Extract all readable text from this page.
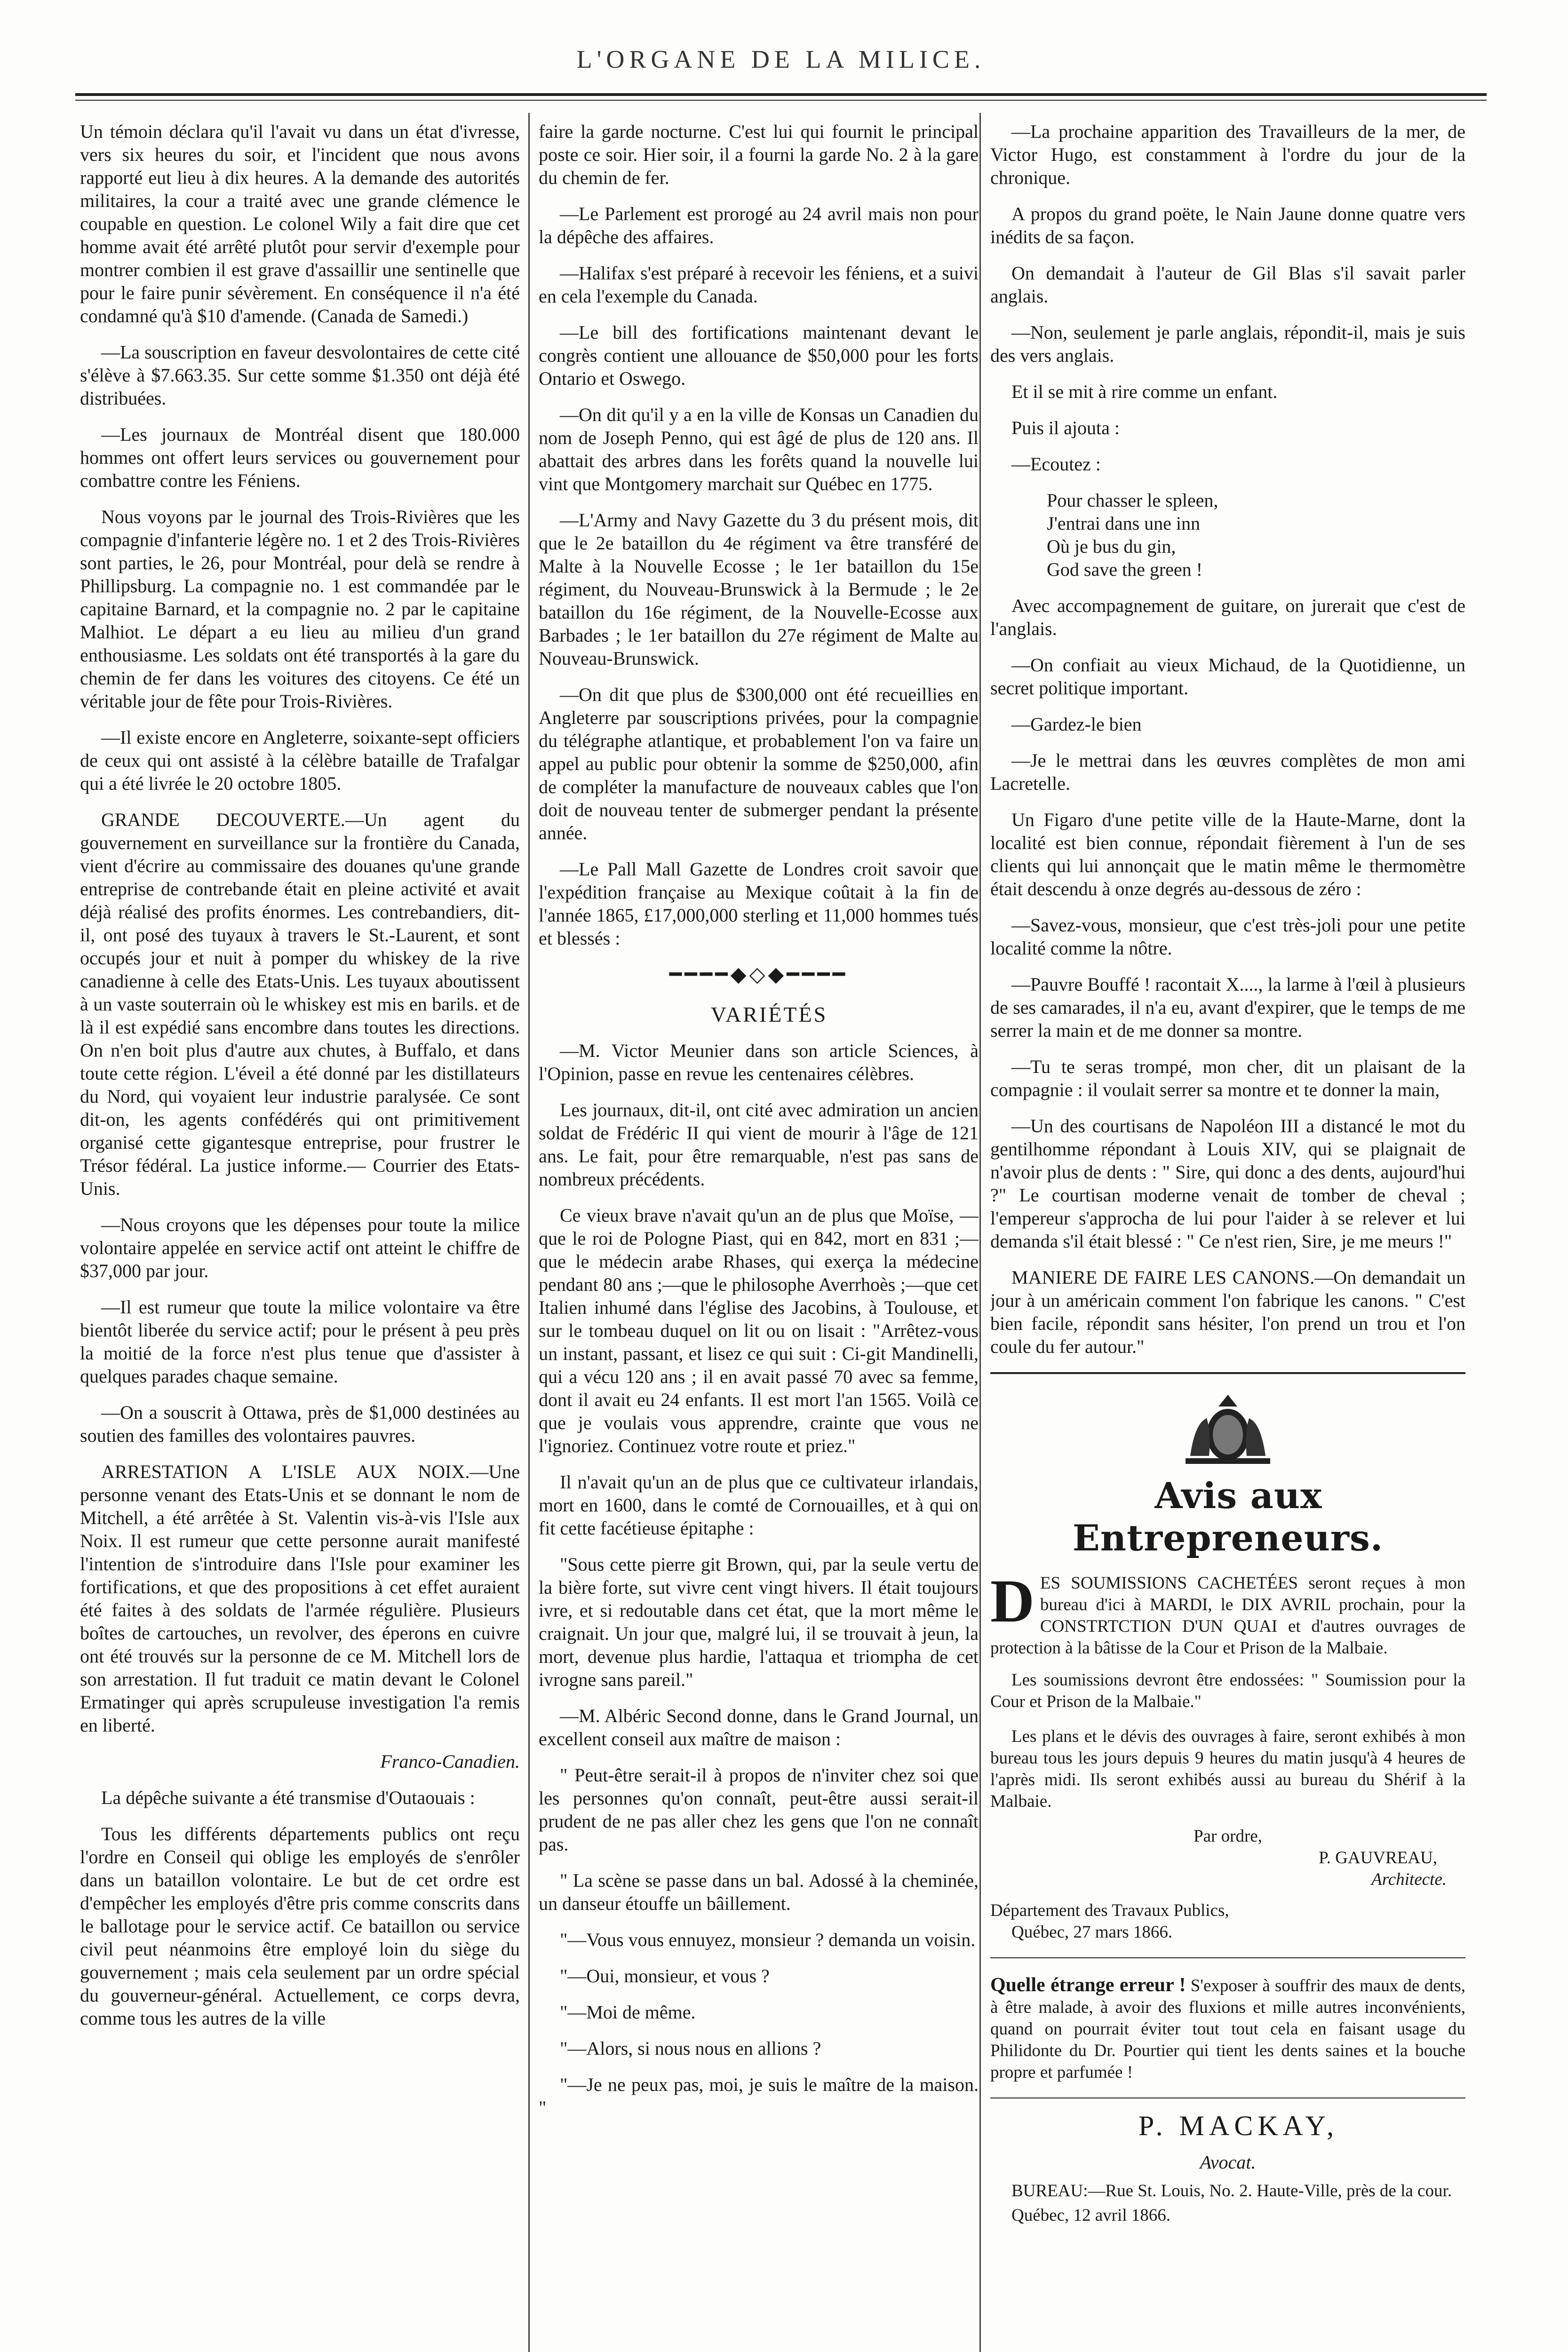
L'ORGANE DE LA MILICE.

Un témoin déclara qu'il l'avait vu dans un état d'ivresse, vers six heures du soir, et l'incident que nous avons rapporté eut lieu à dix heures. A la demande des autorités militaires, la cour a traité avec une grande clémence le coupable en question. Le colonel Wily a fait dire que cet homme avait été arrêté plutôt pour servir d'exemple pour montrer combien il est grave d'assaillir une sentinelle que pour le faire punir sévèrement. En conséquence il n'a été condamné qu'à $10 d'amende. (Canada de Samedi.)

—La souscription en faveur desvolontaires de cette cité s'élève à $7.663.35. Sur cette somme $1.350 ont déjà été distribuées.

—Les journaux de Montréal disent que 180.000 hommes ont offert leurs services ou gouvernement pour combattre contre les Féniens.

Nous voyons par le journal des Trois-Rivières que les compagnie d'infanterie légère no. 1 et 2 des Trois-Rivières sont parties, le 26, pour Montréal, pour delà se rendre à Phillipsburg. La compagnie no. 1 est commandée par le capitaine Barnard, et la compagnie no. 2 par le capitaine Malhiot. Le départ a eu lieu au milieu d'un grand enthousiasme. Les soldats ont été transportés à la gare du chemin de fer dans les voitures des citoyens. Ce été un véritable jour de fête pour Trois-Rivières.

—Il existe encore en Angleterre, soixante-sept officiers de ceux qui ont assisté à la célèbre bataille de Trafalgar qui a été livrée le 20 octobre 1805.

GRANDE DECOUVERTE.—Un agent du gouvernement en surveillance sur la frontière du Canada, vient d'écrire au commissaire des douanes qu'une grande entreprise de contrebande était en pleine activité et avait déjà réalisé des profits énormes. Les contrebandiers, dit-il, ont posé des tuyaux à travers le St.-Laurent, et sont occupés jour et nuit à pomper du whiskey de la rive canadienne à celle des Etats-Unis. Les tuyaux aboutissent à un vaste souterrain où le whiskey est mis en barils. et de là il est expédié sans encombre dans toutes les directions. On n'en boit plus d'autre aux chutes, à Buffalo, et dans toute cette région. L'éveil a été donné par les distillateurs du Nord, qui voyaient leur industrie paralysée. Ce sont dit-on, les agents confédérés qui ont primitivement organisé cette gigantesque entreprise, pour frustrer le Trésor fédéral. La justice informe.— Courrier des Etats-Unis.

—Nous croyons que les dépenses pour toute la milice volontaire appelée en service actif ont atteint le chiffre de $37,000 par jour.

—Il est rumeur que toute la milice volontaire va être bientôt liberée du service actif; pour le présent à peu près la moitié de la force n'est plus tenue que d'assister à quelques parades chaque semaine.

—On a souscrit à Ottawa, près de $1,000 destinées au soutien des familles des volontaires pauvres.

ARRESTATION A L'ISLE AUX NOIX.—Une personne venant des Etats-Unis et se donnant le nom de Mitchell, a été arrêtée à St. Valentin vis-à-vis l'Isle aux Noix. Il est rumeur que cette personne aurait manifesté l'intention de s'introduire dans l'Isle pour examiner les fortifications, et que des propositions à cet effet auraient été faites à des soldats de l'armée régulière. Plusieurs boîtes de cartouches, un revolver, des éperons en cuivre ont été trouvés sur la personne de ce M. Mitchell lors de son arrestation. Il fut traduit ce matin devant le Colonel Ermatinger qui après scrupuleuse investigation l'a remis en liberté.

Franco-Canadien.

La dépêche suivante a été transmise d'Outaouais :

Tous les différents départements publics ont reçu l'ordre en Conseil qui oblige les employés de s'enrôler dans un bataillon volontaire. Le but de cet ordre est d'empêcher les employés d'être pris comme conscrits dans le ballotage pour le service actif. Ce bataillon ou service civil peut néanmoins être employé loin du siège du gouvernement ; mais cela seulement par un ordre spécial du gouverneur-général. Actuellement, ce corps devra, comme tous les autres de la ville

faire la garde nocturne. C'est lui qui fournit le principal poste ce soir. Hier soir, il a fourni la garde No. 2 à la gare du chemin de fer.

—Le Parlement est prorogé au 24 avril mais non pour la dépêche des affaires.

—Halifax s'est préparé à recevoir les féniens, et a suivi en cela l'exemple du Canada.

—Le bill des fortifications maintenant devant le congrès contient une allouance de $50,000 pour les forts Ontario et Oswego.

—On dit qu'il y a en la ville de Konsas un Canadien du nom de Joseph Penno, qui est âgé de plus de 120 ans. Il abattait des arbres dans les forêts quand la nouvelle lui vint que Montgomery marchait sur Québec en 1775.

—L'Army and Navy Gazette du 3 du présent mois, dit que le 2e bataillon du 4e régiment va être transféré de Malte à la Nouvelle Ecosse ; le 1er bataillon du 15e régiment, du Nouveau-Brunswick à la Bermude ; le 2e bataillon du 16e régiment, de la Nouvelle-Ecosse aux Barbades ; le 1er bataillon du 27e régiment de Malte au Nouveau-Brunswick.

—On dit que plus de $300,000 ont été recueillies en Angleterre par souscriptions privées, pour la compagnie du télégraphe atlantique, et probablement l'on va faire un appel au public pour obtenir la somme de $250,000, afin de compléter la manufacture de nouveaux cables que l'on doit de nouveau tenter de submerger pendant la présente année.

—Le Pall Mall Gazette de Londres croit savoir que l'expédition française au Mexique coûtait à la fin de l'année 1865, £17,000,000 sterling et 11,000 hommes tués et blessés :

━━━━◆◇◆━━━━

VARIÉTÉS

—M. Victor Meunier dans son article Sciences, à l'Opinion, passe en revue les centenaires célèbres.

Les journaux, dit-il, ont cité avec admiration un ancien soldat de Frédéric II qui vient de mourir à l'âge de 121 ans. Le fait, pour être remarquable, n'est pas sans de nombreux précédents.

Ce vieux brave n'avait qu'un an de plus que Moïse, —que le roi de Pologne Piast, qui en 842, mort en 831 ;—que le médecin arabe Rhases, qui exerça la médecine pendant 80 ans ;—que le philosophe Averrhoès ;—que cet Italien inhumé dans l'église des Jacobins, à Toulouse, et sur le tombeau duquel on lit ou on lisait : "Arrêtez-vous un instant, passant, et lisez ce qui suit : Ci-git Mandinelli, qui a vécu 120 ans ; il en avait passé 70 avec sa femme, dont il avait eu 24 enfants. Il est mort l'an 1565. Voilà ce que je voulais vous apprendre, crainte que vous ne l'ignoriez. Continuez votre route et priez."

Il n'avait qu'un an de plus que ce cultivateur irlandais, mort en 1600, dans le comté de Cornouailles, et à qui on fit cette facétieuse épitaphe :

"Sous cette pierre git Brown, qui, par la seule vertu de la bière forte, sut vivre cent vingt hivers. Il était toujours ivre, et si redoutable dans cet état, que la mort même le craignait. Un jour que, malgré lui, il se trouvait à jeun, la mort, devenue plus hardie, l'attaqua et triompha de cet ivrogne sans pareil."

—M. Albéric Second donne, dans le Grand Journal, un excellent conseil aux maître de maison :

" Peut-être serait-il à propos de n'inviter chez soi que les personnes qu'on connaît, peut-être aussi serait-il prudent de ne pas aller chez les gens que l'on ne connaît pas.

" La scène se passe dans un bal. Adossé à la cheminée, un danseur étouffe un bâillement.

"—Vous vous ennuyez, monsieur ? demanda un voisin.

"—Oui, monsieur, et vous ?

"—Moi de même.

"—Alors, si nous nous en allions ?

"—Je ne peux pas, moi, je suis le maître de la maison. "

—La prochaine apparition des Travailleurs de la mer, de Victor Hugo, est constamment à l'ordre du jour de la chronique.

A propos du grand poëte, le Nain Jaune donne quatre vers inédits de sa façon.

On demandait à l'auteur de Gil Blas s'il savait parler anglais.

—Non, seulement je parle anglais, répondit-il, mais je suis des vers anglais.

Et il se mit à rire comme un enfant.

Puis il ajouta :

—Ecoutez :

Pour chasser le spleen,

J'entrai dans une inn

Où je bus du gin,

God save the green !

Avec accompagnement de guitare, on jurerait que c'est de l'anglais.

—On confiait au vieux Michaud, de la Quotidienne, un secret politique important.

—Gardez-le bien

—Je le mettrai dans les œuvres complètes de mon ami Lacretelle.

Un Figaro d'une petite ville de la Haute-Marne, dont la localité est bien connue, répondait fièrement à l'un de ses clients qui lui annonçait que le matin même le thermomètre était descendu à onze degrés au-dessous de zéro :

—Savez-vous, monsieur, que c'est très-joli pour une petite localité comme la nôtre.

—Pauvre Bouffé ! racontait X...., la larme à l'œil à plusieurs de ses camarades, il n'a eu, avant d'expirer, que le temps de me serrer la main et de me donner sa montre.

—Tu te seras trompé, mon cher, dit un plaisant de la compagnie : il voulait serrer sa montre et te donner la main,

—Un des courtisans de Napoléon III a distancé le mot du gentilhomme répondant à Louis XIV, qui se plaignait de n'avoir plus de dents : " Sire, qui donc a des dents, aujourd'hui ?" Le courtisan moderne venait de tomber de cheval ; l'empereur s'approcha de lui pour l'aider à se relever et lui demanda s'il était blessé : " Ce n'est rien, Sire, je me meurs !"

MANIERE DE FAIRE LES CANONS.—On demandait un jour à un américain comment l'on fabrique les canons. " C'est bien facile, répondit sans hésiter, l'on prend un trou et l'on coule du fer autour."

Avis aux Entrepreneurs.

DES SOUMISSIONS CACHETÉES seront reçues à mon bureau d'ici à MARDI, le DIX AVRIL prochain, pour la CONSTRTCTION D'UN QUAI et d'autres ouvrages de protection à la bâtisse de la Cour et Prison de la Malbaie.

Les soumissions devront être endossées: " Soumission pour la Cour et Prison de la Malbaie."

Les plans et le dévis des ouvrages à faire, seront exhibés à mon bureau tous les jours depuis 9 heures du matin jusqu'à 4 heures de l'après midi. Ils seront exhibés aussi au bureau du Shérif à la Malbaie.

Par ordre,

P. GAUVREAU,

Architecte.

Département des Travaux Publics,

Québec, 27 mars 1866.

Quelle étrange erreur ! S'exposer à souffrir des maux de dents, à être malade, à avoir des fluxions et mille autres inconvénients, quand on pourrait éviter tout tout cela en faisant usage du Philidonte du Dr. Pourtier qui tient les dents saines et la bouche propre et parfumée !

P. MACKAY,

Avocat.

BUREAU:—Rue St. Louis, No. 2. Haute-Ville, près de la cour.

Québec, 12 avril 1866.
